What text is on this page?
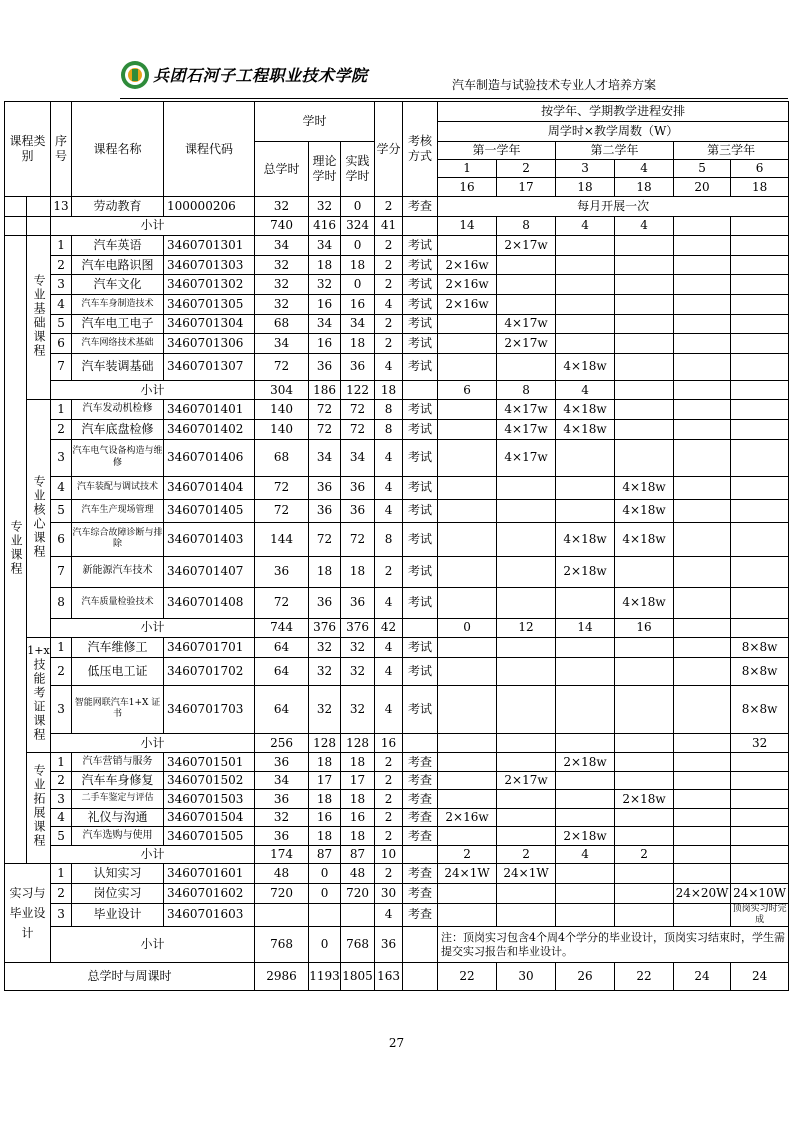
兵团石河子工程职业技术学院	汽车制造与试验技术专业人才培养方案
课程类别		序号	课程名称	课程代码	学时			学分	考核方式	按学年、学期教学进程安排					
										周学时×教学周数（W）					
					总学时	理论学时	实践学时			第一学年		第二学年		第三学年	
										1	2	3	4	5	6
										16	17	18	18	20	18
		13	劳动教育	100000206	32	32	0	2	考查	每月开展一次					
		小计			740	416	324	41		14	8	4	4		
专业课程	专业基础课程	1	汽车英语	3460701301	34	34	0	2	考试		2×17w				
		2	汽车电路识图	3460701303	32	18	18	2	考试	2×16w					
		3	汽车文化	3460701302	32	32	0	2	考试	2×16w					
		4	汽车车身制造技术	3460701305	32	16	16	4	考试	2×16w					
		5	汽车电工电子	3460701304	68	34	34	2	考试		4×17w				
		6	汽车网络技术基础	3460701306	34	16	18	2	考试		2×17w				
		7	汽车装调基础	3460701307	72	36	36	4	考试			4×18w			
		小计			304	186	122	18		6	8	4			
	专业核心课程	1	汽车发动机检修	3460701401	140	72	72	8	考试		4×17w	4×18w			
		2	汽车底盘检修	3460701402	140	72	72	8	考试		4×17w	4×18w			
		3	汽车电气设备构造与维修	3460701406	68	34	34	4	考试		4×17w				
		4	汽车装配与调试技术	3460701404	72	36	36	4	考试				4×18w		
		5	汽车生产现场管理	3460701405	72	36	36	4	考试				4×18w		
		6	汽车综合故障诊断与排除	3460701403	144	72	72	8	考试			4×18w	4×18w		
		7	新能源汽车技术	3460701407	36	18	18	2	考试			2×18w			
		8	汽车质量检验技术	3460701408	72	36	36	4	考试				4×18w		
		小计			744	376	376	42		0	12	14	16		

	1+x
技能考证课程	1	汽车维修工	3460701701	64	32	32	4	考试						8×8w
		2	低压电工证	3460701702	64	32	32	4	考试						8×8w
		3	智能网联汽车1+X 证书	3460701703	64	32	32	4	考试						8×8w
		小计			256	128	128	16							32
	专业拓展课程	1	汽车营销与服务	3460701501	36	18	18	2	考查			2×18w			
		2	汽车车身修复	3460701502	34	17	17	2	考查		2×17w				
		3	二手车鉴定与评估	3460701503	36	18	18	2	考查				2×18w		
		4	礼仪与沟通	3460701504	32	16	16	2	考查	2×16w					
		5	汽车选购与使用	3460701505	36	18	18	2	考查			2×18w			
		小计			174	87	87	10		2	2	4	2		
实习与毕业设计		1	认知实习	3460701601	48	0	48	2	考查	24×1W	24×1W				
		2	岗位实习	3460701602	720	0	720	30	考查					24×20W	24×10W
		3	毕业设计	3460701603				4	考查						顶岗实习时完成
		小计			768	0	768	36		注：顶岗实习包含4个周4个学分的毕业设计，顶岗实习结束时，学生需提交实习报告和毕业设计。					
总学时与周课时					2986	1193	1805	163		22	30	26	22	24	24
27
